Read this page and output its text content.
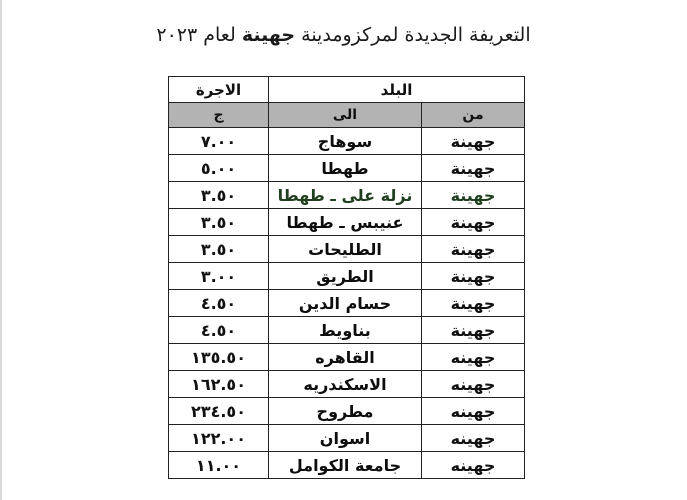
التعريفة الجديدة لمركزومدينة جهينة لعام ٢٠٢٣
البلد		الاجرة
من	الى	ج
جهينة	سوهاج	٧.٠٠
جهينة	طهطا	٥.٠٠
جهينة	نزلة على ـ طهطا	٣.٥٠
جهينة	عنيبس ـ طهطا	٣.٥٠
جهينة	الطليحات	٣.٥٠
جهينة	الطريق	٣.٠٠
جهينة	حسام الدين	٤.٥٠
جهينة	بناويط	٤.٥٠
جهينه	القاهره	١٣٥.٥٠
جهينه	الاسكندريه	١٦٢.٥٠
جهينه	مطروح	٢٣٤.٥٠
جهينه	اسوان	١٢٢.٠٠
جهينه	جامعة الكوامل	١١.٠٠
